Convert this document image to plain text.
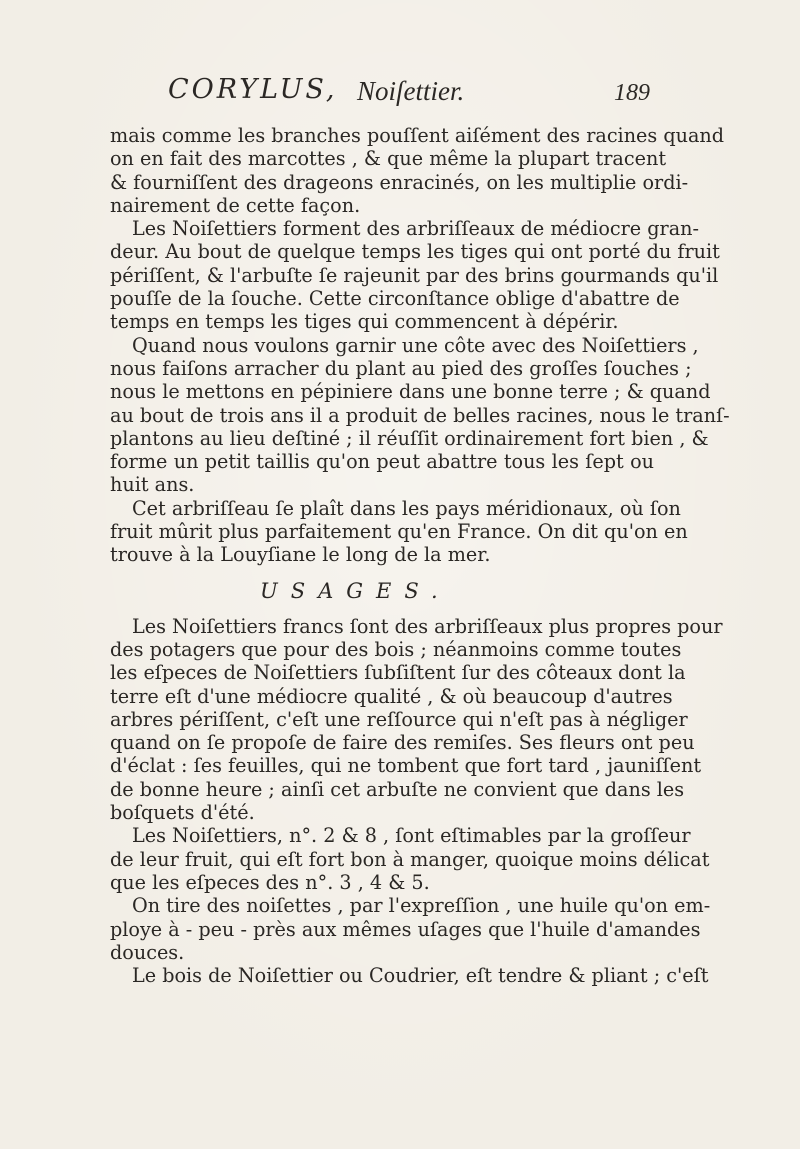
CORYLUS, Noiſettier.	189
mais comme les branches pouſſent aiſément des racines quand
on en fait des marcottes , & que même la plupart tracent
& fourniſſent des drageons enracinés, on les multiplie ordi-
nairement de cette façon.
Les Noiſettiers forment des arbriſſeaux de médiocre gran-
deur. Au bout de quelque temps les tiges qui ont porté du fruit
périſſent, & l'arbuſte ſe rajeunit par des brins gourmands qu'il
pouſſe de la ſouche. Cette circonſtance oblige d'abattre de
temps en temps les tiges qui commencent à dépérir.
Quand nous voulons garnir une côte avec des Noiſettiers ,
nous faiſons arracher du plant au pied des groſſes ſouches ;
nous le mettons en pépiniere dans une bonne terre ; & quand
au bout de trois ans il a produit de belles racines, nous le tranſ-
plantons au lieu deſtiné ; il réuſſit ordinairement fort bien , &
forme un petit taillis qu'on peut abattre tous les ſept ou
huit ans.
Cet arbriſſeau ſe plaît dans les pays méridionaux, où ſon
fruit mûrit plus parfaitement qu'en France. On dit qu'on en
trouve à la Louyſiane le long de la mer.
USAGES.
Les Noiſettiers francs ſont des arbriſſeaux plus propres pour
des potagers que pour des bois ; néanmoins comme toutes
les eſpeces de Noiſettiers ſubſiſtent ſur des côteaux dont la
terre eſt d'une médiocre qualité , & où beaucoup d'autres
arbres périſſent, c'eſt une reſſource qui n'eſt pas à négliger
quand on ſe propoſe de faire des remiſes. Ses fleurs ont peu
d'éclat : ſes feuilles, qui ne tombent que fort tard , jauniſſent
de bonne heure ; ainſi cet arbuſte ne convient que dans les
boſquets d'été.
Les Noiſettiers, n°. 2 & 8 , ſont eſtimables par la groſſeur
de leur fruit, qui eſt fort bon à manger, quoique moins délicat
que les eſpeces des n°. 3 , 4 & 5.
On tire des noiſettes , par l'expreſſion , une huile qu'on em-
ploye à - peu - près aux mêmes uſages que l'huile d'amandes
douces.
Le bois de Noiſettier ou Coudrier, eſt tendre & pliant ; c'eſt
